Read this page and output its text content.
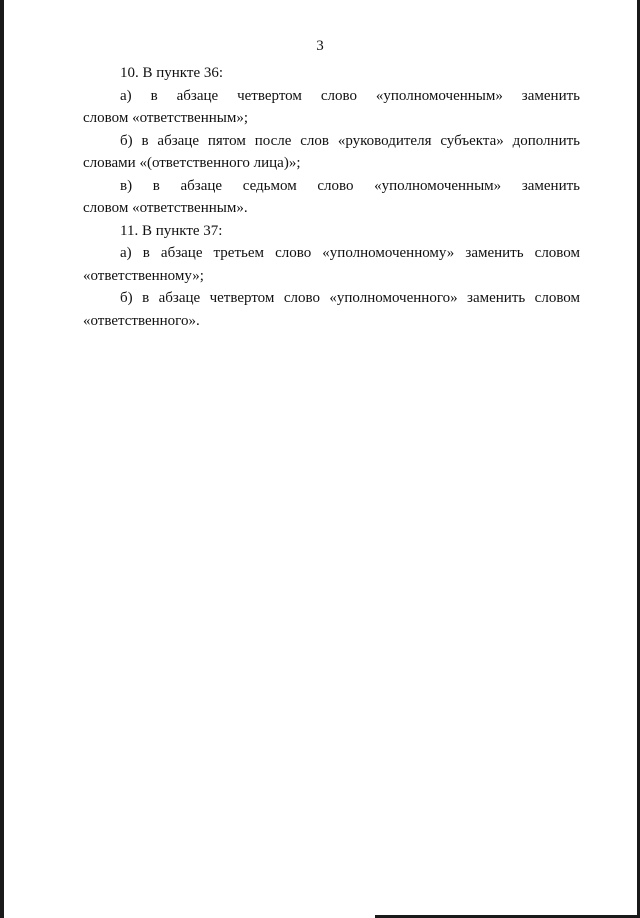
3

10. В пункте 36:

а) в абзаце четвертом слово «уполномоченным» заменить
словом «ответственным»;

б) в абзаце пятом после слов «руководителя субъекта» дополнить
словами «(ответственного лица)»;

в) в абзаце седьмом слово «уполномоченным» заменить
словом «ответственным».

11. В пункте 37:

а) в абзаце третьем слово «уполномоченному» заменить словом
«ответственному»;

б) в абзаце четвертом слово «уполномоченного» заменить словом
«ответственного».
